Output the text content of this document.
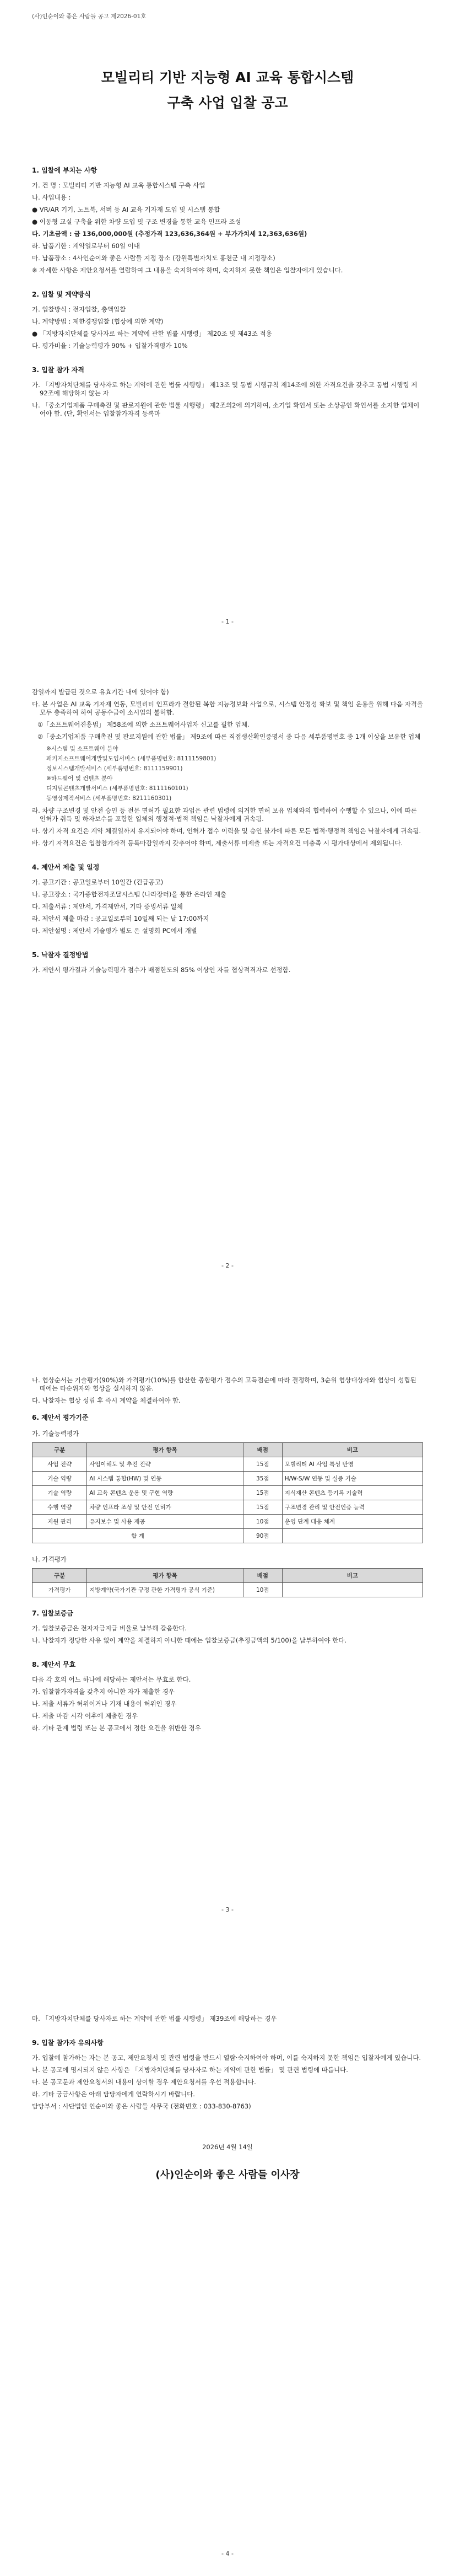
(사)인순이와 좋은 사람들 공고 제2026-01호
모빌리티 기반 지능형 AI 교육 통합시스템
구축 사업 입찰 공고
1. 입찰에 부치는 사항
가. 건 명 : 모빌리티 기반 지능형 AI 교육 통합시스템 구축 사업
나. 사업내용 :
● VR/AR 기기, 노트북, 서버 등 AI 교육 기자재 도입 및 시스템 통합
● 이동형 교실 구축을 위한 차량 도입 및 구조 변경을 통한 교육 인프라 조성
다. 기초금액 : 금 136,000,000원 (추정가격 123,636,364원 + 부가가치세 12,363,636원)
라. 납품기한 : 계약일로부터 60일 이내
마. 납품장소 : 4사인순이와 좋은 사람들 지정 장소 (강원특별자치도 홍천군 내 지정장소)
※ 자세한 사항은 제안요청서를 열람하여 그 내용을 숙지하여야 하며, 숙지하지 못한 책임은 입찰자에게 있습니다.
2. 입찰 및 계약방식
가. 입찰방식 : 전자입찰, 총액입찰
나. 계약방법 : 제한경쟁입찰 (협상에 의한 계약)
● 「지방자치단체를 당사자로 하는 계약에 관한 법률 시행령」 제20조 및 제43조 적용
다. 평가비율 : 기술능력평가 90% + 입찰가격평가 10%
3. 입찰 참가 자격
가. 「지방자치단체를 당사자로 하는 계약에 관한 법률 시행령」 제13조 및 동법 시행규칙 제14조에 의한 자격요건을 갖추고 동법 시행령 제92조에 해당하지 않는 자
나. 「중소기업제품 구매촉진 및 판로지원에 관한 법률 시행령」 제2조의2에 의거하여, 소기업 확인서 또는 소상공인 확인서를 소지한 업체이어야 함. (단, 확인서는 입찰참가자격 등록마
- 1 -
감일까지 발급된 것으로 유효기간 내에 있어야 함)
다. 본 사업은 AI 교육 기자재 연동, 모빌리티 인프라가 결합된 복합 지능정보화 사업으로, 시스템 안정성 확보 및 책임 운용을 위해 다음 자격을 모두 충족하여 하여 공동수급이 소시업의 불허함.
①「소프트웨어진흥법」 제58조에 의한 소프트웨어사업자 신고를 필한 업체.
②「중소기업제품 구매촉진 및 판로지원에 관한 법률」 제9조에 따른 직접생산확인증명서 중 다음 세부품명번호 중 1개 이상을 보유한 업체
※시스템 및 소프트웨어 분야
패키지소프트웨어개발및도입서비스 (세부품명번호: 8111159801)
정보시스템개발서비스 (세부품명번호: 8111159901)
※하드웨어 및 컨텐츠 분야
디지털콘텐츠개발서비스 (세부품명번호: 8111160101)
동영상제작서비스 (세부품명번호: 8211160301)
라. 차량 구조변경 및 안전 승인 등 전문 면허가 필요한 과업은 관련 법령에 의거한 면허 보유 업체와의 협력하여 수행할 수 있으나, 이에 따른 인허가 취득 및 하자보수를 포함한 일체의 행정적·법적 책임은 낙찰자에게 귀속됨.
마. 상기 자격 요건은 계약 체결일까지 유지되어야 하며, 인허가 접수 이력을 및 승인 불가에 따른 모든 법적·행정적 책임은 낙찰자에게 귀속됨.
바. 상기 자격요건은 입찰참가자격 등록마감일까지 갖추어야 하며, 제출서류 미제출 또는 자격요건 미충족 시 평가대상에서 제외됩니다.
4. 제안서 제출 및 일정
가. 공고기간 : 공고일로부터 10일간 (긴급공고)
나. 공고장소 : 국가종합전자조달시스템 (나라장터)을 통한 온라인 제출
다. 제출서류 : 제안서, 가격제안서, 기타 증빙서류 일체
라. 제안서 제출 마감 : 공고일로부터 10일째 되는 날 17:00까지
마. 제안설명 : 제안서 기술평가 별도 온 설명회 PC에서 개별
5. 낙찰자 결정방법
가. 제안서 평가결과 기술능력평가 점수가 배점한도의 85% 이상인 자를 협상적격자로 선정함.
- 2 -
나. 협상순서는 기술평가(90%)와 가격평가(10%)를 합산한 종합평가 점수의 고득점순에 따라 결정하며, 3순위 협상대상자와 협상이 성립된 때에는 타순위자와 협상을 실시하지 않음.
다. 낙찰자는 협상 성립 후 즉시 계약을 체결하여야 함.
6. 제안서 평가기준
가. 기술능력평가
구분	평가 항목	배점	비고
사업 전략	사업이해도 및 추진 전략	15점	모빌리티 AI 사업 특성 반영
기술 역량	AI 시스템 통합(HW) 및 연동	35점	H/W-S/W 연동 및 실증 기술
기술 역량	AI 교육 콘텐츠 운용 및 구현 역량	15점	지식재산 콘텐츠 등기록 기술력
수행 역량	차량 인프라 조성 및 안전 인허가	15점	구조변경 관리 및 안전인증 능력
지원 관리	유지보수 및 사용 제공	10점	운영 단계 대응 체계
합 계		90점	
나. 가격평가
구분	평가 항목	배점	비고
가격평가	지방계약(국가기관 규정 관한 가격평가 공식 기준)	10점	
7. 입찰보증금
가. 입찰보증금은 전자자금지급 비율로 납부해 갈음한다.
나. 낙찰자가 정당한 사유 없이 계약을 체결하지 아니한 때에는 입찰보증금(추정금액의 5/100)을 납부하여야 한다.
8. 제안서 무효
다음 각 호의 어느 하나에 해당하는 제안서는 무효로 한다.
가. 입찰참가자격을 갖추지 아니한 자가 제출한 경우
나. 제출 서류가 허위이거나 기재 내용이 허위인 경우
다. 제출 마감 시각 이후에 제출한 경우
라. 기타 관계 법령 또는 본 공고에서 정한 요건을 위반한 경우
- 3 -
마. 「지방자치단체를 당사자로 하는 계약에 관한 법률 시행령」 제39조에 해당하는 경우
9. 입찰 참가자 유의사항
가. 입찰에 참가하는 자는 본 공고, 제안요청서 및 관련 법령을 반드시 열람·숙지하여야 하며, 이를 숙지하지 못한 책임은 입찰자에게 있습니다.
나. 본 공고에 명시되지 않은 사항은 「지방자치단체를 당사자로 하는 계약에 관한 법률」 및 관련 법령에 따릅니다.
다. 본 공고문과 제안요청서의 내용이 상이할 경우 제안요청서를 우선 적용합니다.
라. 기타 궁금사항은 아래 담당자에게 연락하시기 바랍니다.
담당부서 : 사단법인 인순이와 좋은 사람들 사무국 (전화번호 : 033-830-8763)
2026년 4월 14일
(사)인순이와 좋은 사람들 이사장
- 4 -
